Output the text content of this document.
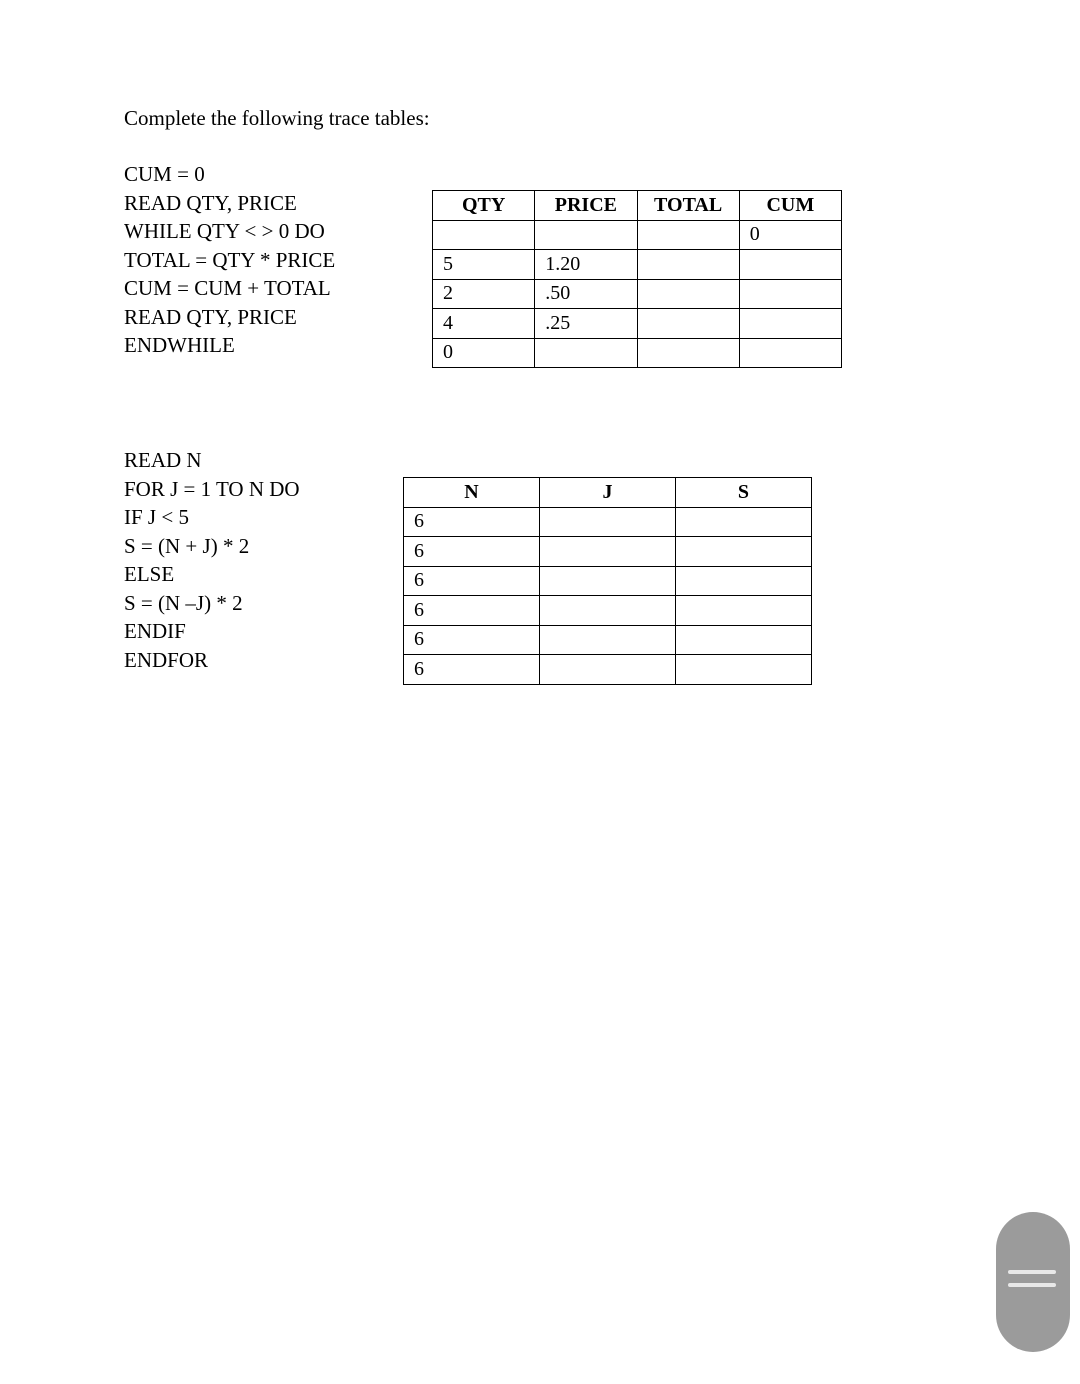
Complete the following trace tables:

CUM = 0
READ QTY, PRICE
WHILE QTY < > 0 DO
TOTAL = QTY * PRICE
CUM = CUM + TOTAL
READ QTY, PRICE
ENDWHILE
QTY	PRICE	TOTAL	CUM
			0
5	1.20		
2	.50		
4	.25		
0			
READ N
FOR J = 1 TO N DO
IF J < 5
S = (N + J) * 2
ELSE
S = (N –J) * 2
ENDIF
ENDFOR
N	J	S
6		
6		
6		
6		
6		
6		
